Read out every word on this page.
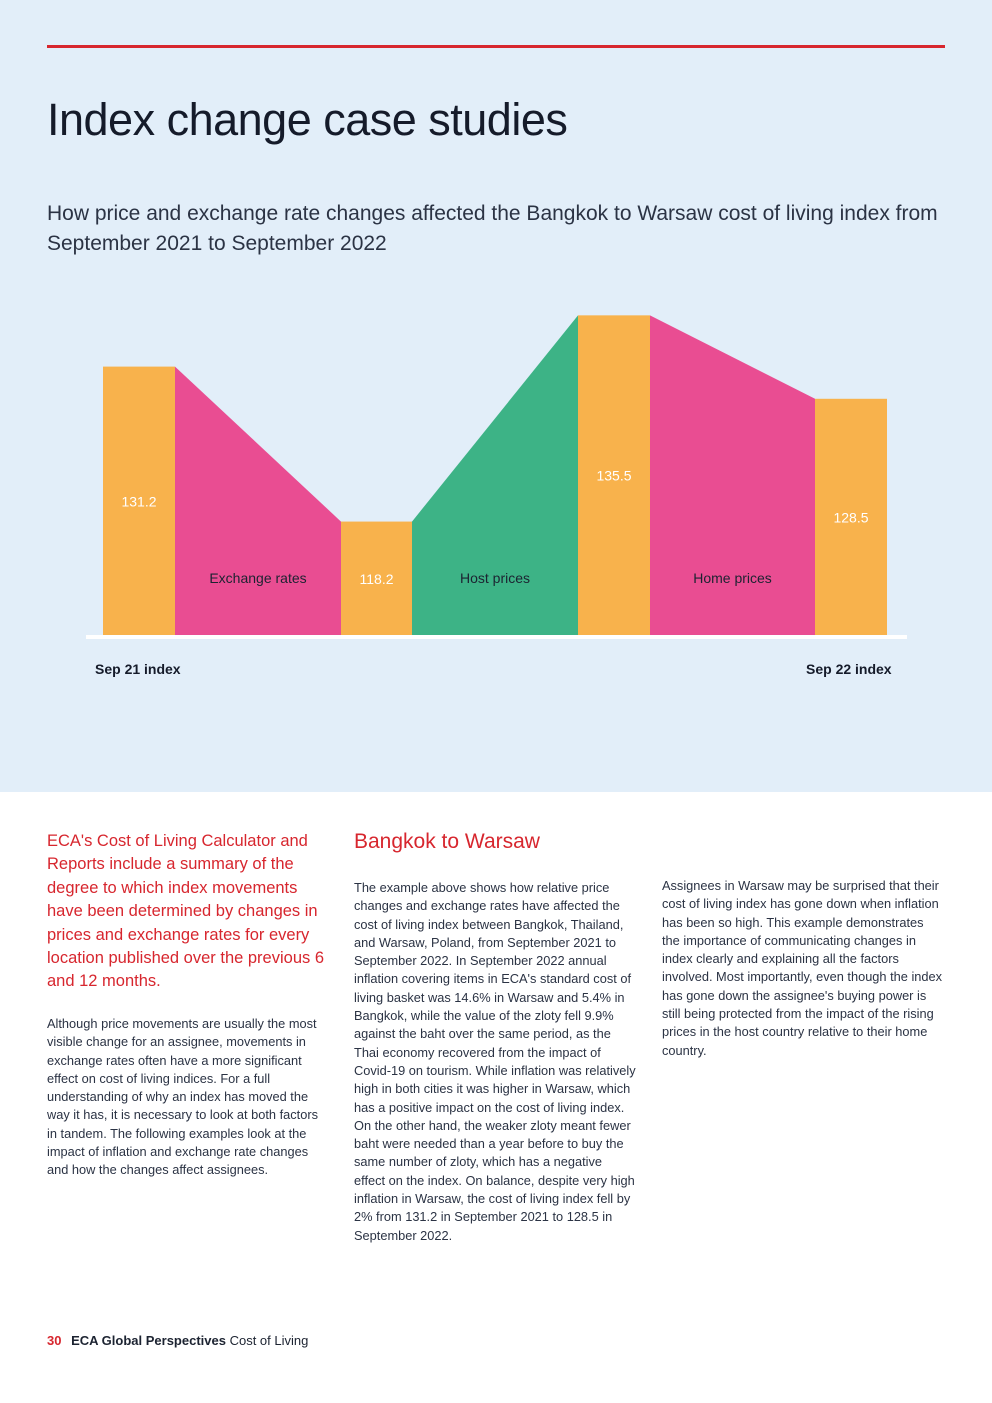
Index change case studies

How price and exchange rate changes affected the Bangkok to Warsaw cost of living index from September 2021 to September 2022

131.2
Exchange rates	118.2	Host prices
135.5
Home prices
128.5
Sep 21 index	Sep 22 index

ECA's Cost of Living Calculator and Reports include a summary of the degree to which index movements have been determined by changes in prices and exchange rates for every location published over the previous 6 and 12 months.

Although price movements are usually the most visible change for an assignee, movements in exchange rates often have a more significant effect on cost of living indices. For a full understanding of why an index has moved the way it has, it is necessary to look at both factors in tandem. The following examples look at the impact of inflation and exchange rate changes and how the changes affect assignees.

Bangkok to Warsaw

The example above shows how relative price changes and exchange rates have affected the cost of living index between Bangkok, Thailand, and Warsaw, Poland, from September 2021 to September 2022. In September 2022 annual inflation covering items in ECA's standard cost of living basket was 14.6% in Warsaw and 5.4% in Bangkok, while the value of the zloty fell 9.9% against the baht over the same period, as the Thai economy recovered from the impact of Covid-19 on tourism. While inflation was relatively high in both cities it was higher in Warsaw, which has a positive impact on the cost of living index. On the other hand, the weaker zloty meant fewer baht were needed than a year before to buy the same number of zloty, which has a negative effect on the index. On balance, despite very high inflation in Warsaw, the cost of living index fell by 2% from 131.2 in September 2021 to 128.5 in September 2022.

Assignees in Warsaw may be surprised that their cost of living index has gone down when inflation has been so high. This example demonstrates the importance of communicating changes in index clearly and explaining all the factors involved. Most importantly, even though the index has gone down the assignee's buying power is still being protected from the impact of the rising prices in the host country relative to their home country.

30 ECA Global Perspectives Cost of Living
